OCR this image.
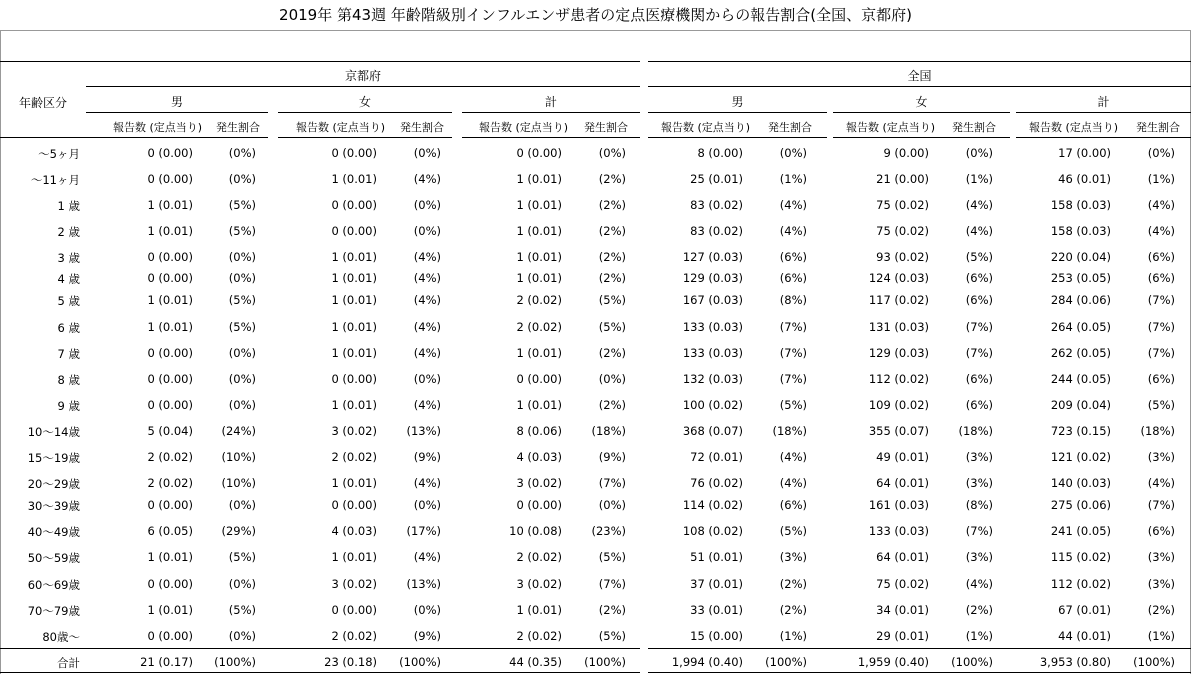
2019年 第43週 年齢階級別インフルエンザ患者の定点医療機関からの報告割合(全国、京都府)
京都府	全国
年齢区分	男
報告数 (定点当り) 発生割合
女
報告数 (定点当り) 発生割合
計
報告数 (定点当り) 発生割合
男
報告数 (定点当り) 発生割合
女
報告数 (定点当り) 発生割合
計
報告数 (定点当り) 発生割合
～5ヶ月	0 (0.00)	(0%)	0 (0.00)	(0%)	0 (0.00)	(0%)	8 (0.00)	(0%)	9 (0.00)	(0%)	17 (0.00)	(0%)
～11ヶ月	0 (0.00)	(0%)	1 (0.01)	(4%)	1 (0.01)	(2%)	25 (0.01)	(1%)	21 (0.00)	(1%)	46 (0.01)	(1%)
1 歳	1 (0.01)	(5%)	0 (0.00)	(0%)	1 (0.01)	(2%)	83 (0.02)	(4%)	75 (0.02)	(4%)	158 (0.03)	(4%)
2 歳	1 (0.01)	(5%)	0 (0.00)	(0%)	1 (0.01)	(2%)	83 (0.02)	(4%)	75 (0.02)	(4%)	158 (0.03)	(4%)
3 歳	0 (0.00)	(0%)	1 (0.01)	(4%)	1 (0.01)	(2%)	127 (0.03)	(6%)	93 (0.02)	(5%)	220 (0.04)	(6%)
4 歳	0 (0.00)	(0%)	1 (0.01)	(4%)	1 (0.01)	(2%)	129 (0.03)	(6%)	124 (0.03)	(6%)	253 (0.05)	(6%)
5 歳	1 (0.01)	(5%)	1 (0.01)	(4%)	2 (0.02)	(5%)	167 (0.03)	(8%)	117 (0.02)	(6%)	284 (0.06)	(7%)
6 歳	1 (0.01)	(5%)	1 (0.01)	(4%)	2 (0.02)	(5%)	133 (0.03)	(7%)	131 (0.03)	(7%)	264 (0.05)	(7%)
7 歳	0 (0.00)	(0%)	1 (0.01)	(4%)	1 (0.01)	(2%)	133 (0.03)	(7%)	129 (0.03)	(7%)	262 (0.05)	(7%)
8 歳	0 (0.00)	(0%)	0 (0.00)	(0%)	0 (0.00)	(0%)	132 (0.03)	(7%)	112 (0.02)	(6%)	244 (0.05)	(6%)
9 歳	0 (0.00)	(0%)	1 (0.01)	(4%)	1 (0.01)	(2%)	100 (0.02)	(5%)	109 (0.02)	(6%)	209 (0.04)	(5%)
10～14歳	5 (0.04)	(24%)	3 (0.02)	(13%)	8 (0.06)	(18%)	368 (0.07)	(18%)	355 (0.07)	(18%)	723 (0.15)	(18%)
15～19歳	2 (0.02)	(10%)	2 (0.02)	(9%)	4 (0.03)	(9%)	72 (0.01)	(4%)	49 (0.01)	(3%)	121 (0.02)	(3%)
20～29歳	2 (0.02)	(10%)	1 (0.01)	(4%)	3 (0.02)	(7%)	76 (0.02)	(4%)	64 (0.01)	(3%)	140 (0.03)	(4%)
30～39歳	0 (0.00)	(0%)	0 (0.00)	(0%)	0 (0.00)	(0%)	114 (0.02)	(6%)	161 (0.03)	(8%)	275 (0.06)	(7%)
40～49歳	6 (0.05)	(29%)	4 (0.03)	(17%)	10 (0.08)	(23%)	108 (0.02)	(5%)	133 (0.03)	(7%)	241 (0.05)	(6%)
50～59歳	1 (0.01)	(5%)	1 (0.01)	(4%)	2 (0.02)	(5%)	51 (0.01)	(3%)	64 (0.01)	(3%)	115 (0.02)	(3%)
60～69歳	0 (0.00)	(0%)	3 (0.02)	(13%)	3 (0.02)	(7%)	37 (0.01)	(2%)	75 (0.02)	(4%)	112 (0.02)	(3%)
70～79歳	1 (0.01)	(5%)	0 (0.00)	(0%)	1 (0.01)	(2%)	33 (0.01)	(2%)	34 (0.01)	(2%)	67 (0.01)	(2%)
80歳～	0 (0.00)	(0%)	2 (0.02)	(9%)	2 (0.02)	(5%)	15 (0.00)	(1%)	29 (0.01)	(1%)	44 (0.01)	(1%)
合計	21 (0.17)	(100%)	23 (0.18)	(100%)	44 (0.35)	(100%)	1,994 (0.40)	(100%)	1,959 (0.40)	(100%)	3,953 (0.80)	(100%)
